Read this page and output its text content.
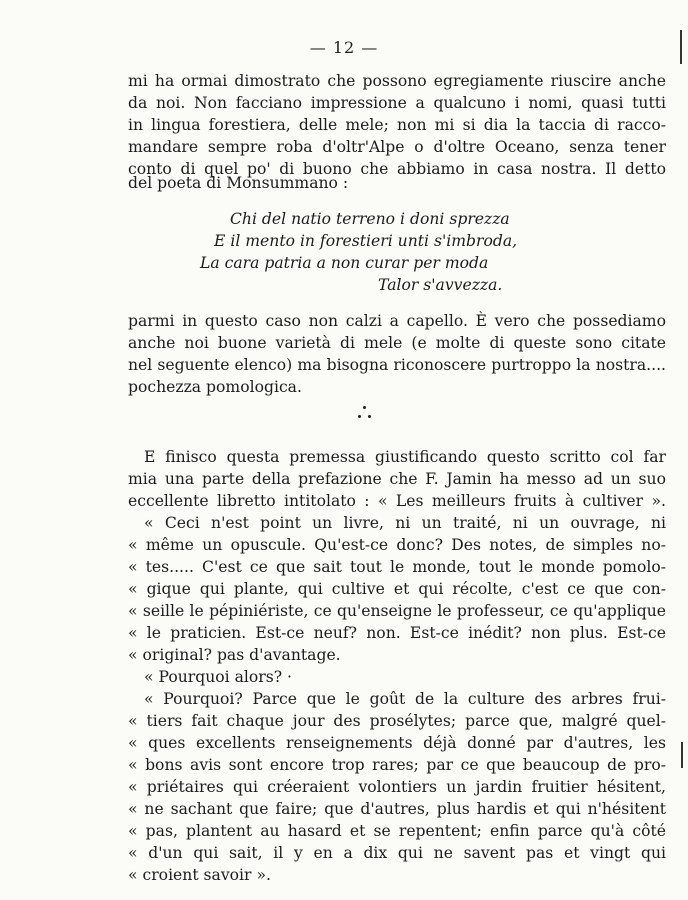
— 12 —
mi ha ormai dimostrato che possono egregiamente riuscire anche
da noi. Non facciano impressione a qualcuno i nomi, quasi tutti
in lingua forestiera, delle mele; non mi si dia la taccia di racco-
mandare sempre roba d'oltr'Alpe o d'oltre Oceano, senza tener
conto di quel po' di buono che abbiamo in casa nostra. Il detto
del poeta di Monsummano :
Chi del natio terreno i doni sprezza
E il mento in forestieri unti s'imbroda,
La cara patria a non curar per moda
Talor s'avvezza.
parmi in questo caso non calzi a capello. È vero che possediamo
anche noi buone varietà di mele (e molte di queste sono citate
nel seguente elenco) ma bisogna riconoscere purtroppo la nostra....
pochezza pomologica.
E finisco questa premessa giustificando questo scritto col far
mia una parte della prefazione che F. Jamin ha messo ad un suo
eccellente libretto intitolato : « Les meilleurs fruits à cultiver ».
« Ceci n'est point un livre, ni un traité, ni un ouvrage, ni
« même un opuscule. Qu'est-ce donc? Des notes, de simples no-
« tes..... C'est ce que sait tout le monde, tout le monde pomolo-
« gique qui plante, qui cultive et qui récolte, c'est ce que con-
« seille le pépiniériste, ce qu'enseigne le professeur, ce qu'applique
« le praticien. Est-ce neuf? non. Est-ce inédit? non plus. Est-ce
« original? pas d'avantage.
« Pourquoi alors? ·
« Pourquoi? Parce que le goût de la culture des arbres frui-
« tiers fait chaque jour des prosélytes; parce que, malgré quel-
« ques excellents renseignements déjà donné par d'autres, les
« bons avis sont encore trop rares; par ce que beaucoup de pro-
« priétaires qui créeraient volontiers un jardin fruitier hésitent,
« ne sachant que faire; que d'autres, plus hardis et qui n'hésitent
« pas, plantent au hasard et se repentent; enfin parce qu'à côté
« d'un qui sait, il y en a dix qui ne savent pas et vingt qui
« croient savoir ».
